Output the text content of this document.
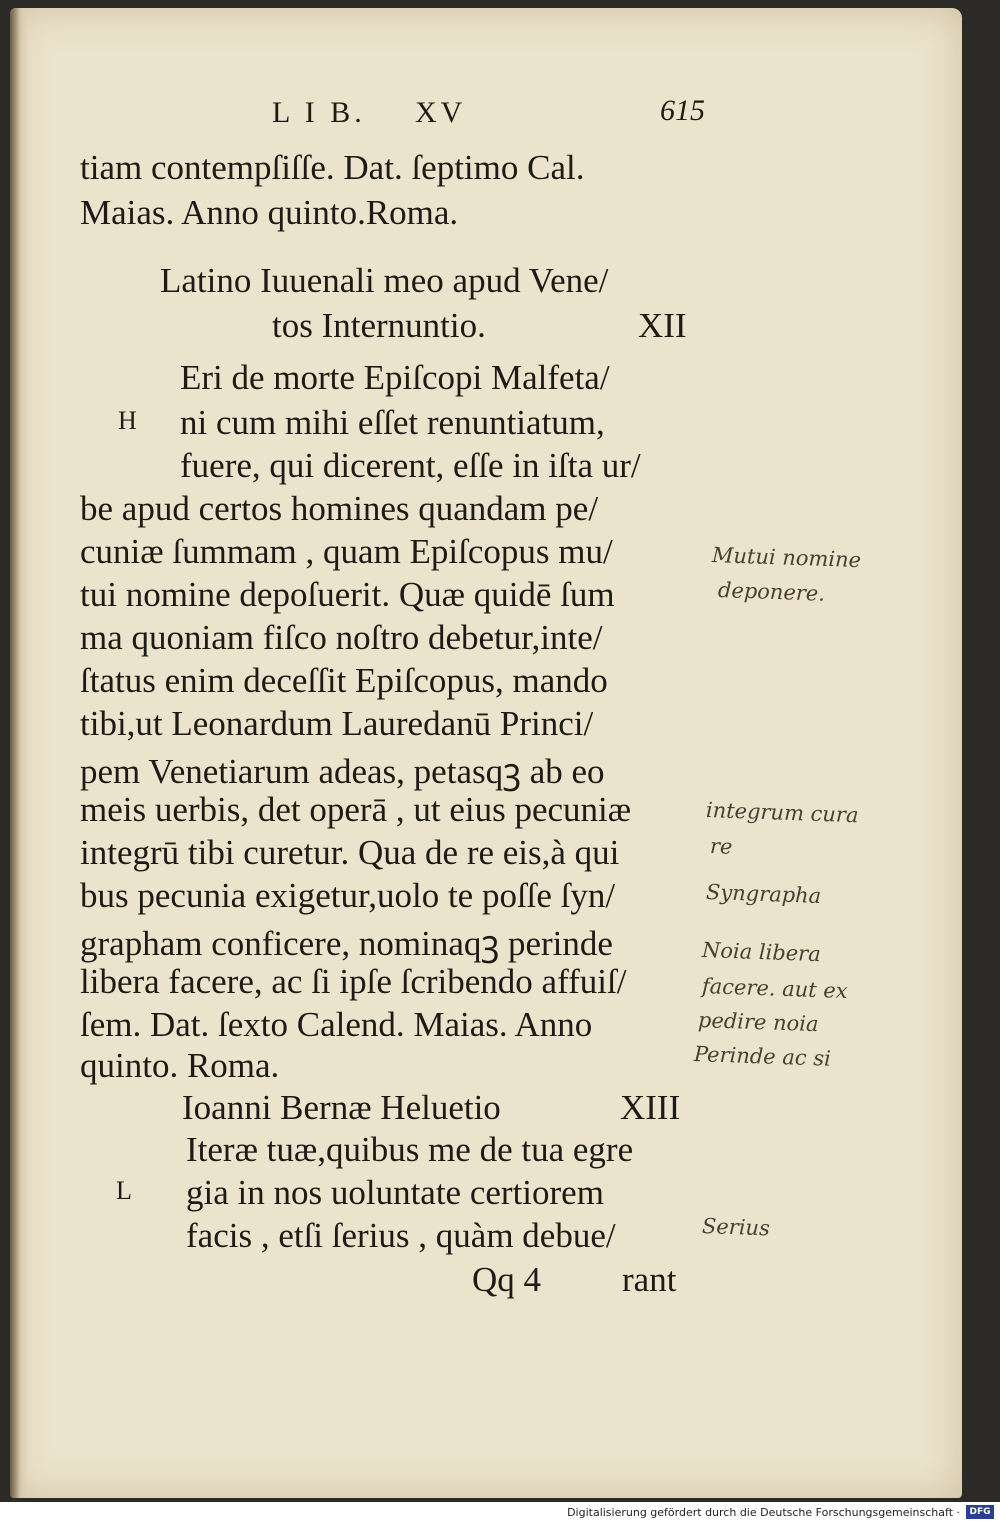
L I B. XV	615
tiam contempſiſſe. Dat. ſeptimo Cal.
Maias. Anno quinto.Roma.
Latino Iuuenali meo apud Vene/
tos Internuntio.	XII
Eri de morte Epiſcopi Malfeta/
H ni cum mihi eſſet renuntiatum,
fuere, qui dicerent, eſſe in iſta ur/
be apud certos homines quandam pe/
cuniæ ſummam , quam Epiſcopus mu/
tui nomine depoſuerit. Quæ quidē ſum
ma quoniam fiſco noſtro debetur,inte/
ſtatus enim deceſſit Epiſcopus, mando
tibi,ut Leonardum Lauredanū Princi/
pem Venetiarum adeas, petasqꝫ ab eo
meis uerbis, det operā , ut eius pecuniæ
integrū tibi curetur. Qua de re eis,à qui
bus pecunia exigetur,uolo te poſſe ſyn/
grapham conficere, nominaqꝫ perinde
libera facere, ac ſi ipſe ſcribendo affuiſ/
ſem. Dat. ſexto Calend. Maias. Anno
quinto. Roma.
Ioanni Bernæ Heluetio	XIII
Iteræ tuæ,quibus me de tua egre
L gia in nos uoluntate certiorem
facis , etſi ſerius , quàm debue/
Qq 4 rant
Mutui nomine
deponere.
integrum cura
re
Syngrapha
Noia libera
facere. aut ex
pedire noia
Perinde ac si
Serius
Digitalisierung gefördert durch die Deutsche Forschungsgemeinschaft ·	DFG
